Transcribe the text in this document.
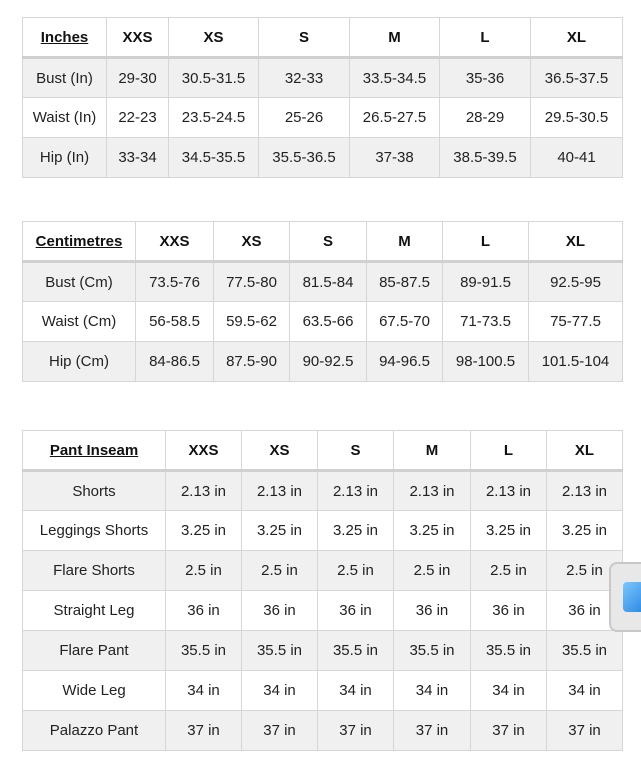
Inches	XXS	XS	S	M	L	XL
Bust (In)	29-30	30.5-31.5	32-33	33.5-34.5	35-36	36.5-37.5
Waist (In)	22-23	23.5-24.5	25-26	26.5-27.5	28-29	29.5-30.5
Hip (In)	33-34	34.5-35.5	35.5-36.5	37-38	38.5-39.5	40-41
Centimetres	XXS	XS	S	M	L	XL
Bust (Cm)	73.5-76	77.5-80	81.5-84	85-87.5	89-91.5	92.5-95
Waist (Cm)	56-58.5	59.5-62	63.5-66	67.5-70	71-73.5	75-77.5
Hip (Cm)	84-86.5	87.5-90	90-92.5	94-96.5	98-100.5	101.5-104
Pant Inseam	XXS	XS	S	M	L	XL
Shorts	2.13 in	2.13 in	2.13 in	2.13 in	2.13 in	2.13 in
Leggings Shorts	3.25 in	3.25 in	3.25 in	3.25 in	3.25 in	3.25 in
Flare Shorts	2.5 in	2.5 in	2.5 in	2.5 in	2.5 in	2.5 in
Straight Leg	36 in	36 in	36 in	36 in	36 in	36 in
Flare Pant	35.5 in	35.5 in	35.5 in	35.5 in	35.5 in	35.5 in
Wide Leg	34 in	34 in	34 in	34 in	34 in	34 in
Palazzo Pant	37 in	37 in	37 in	37 in	37 in	37 in
